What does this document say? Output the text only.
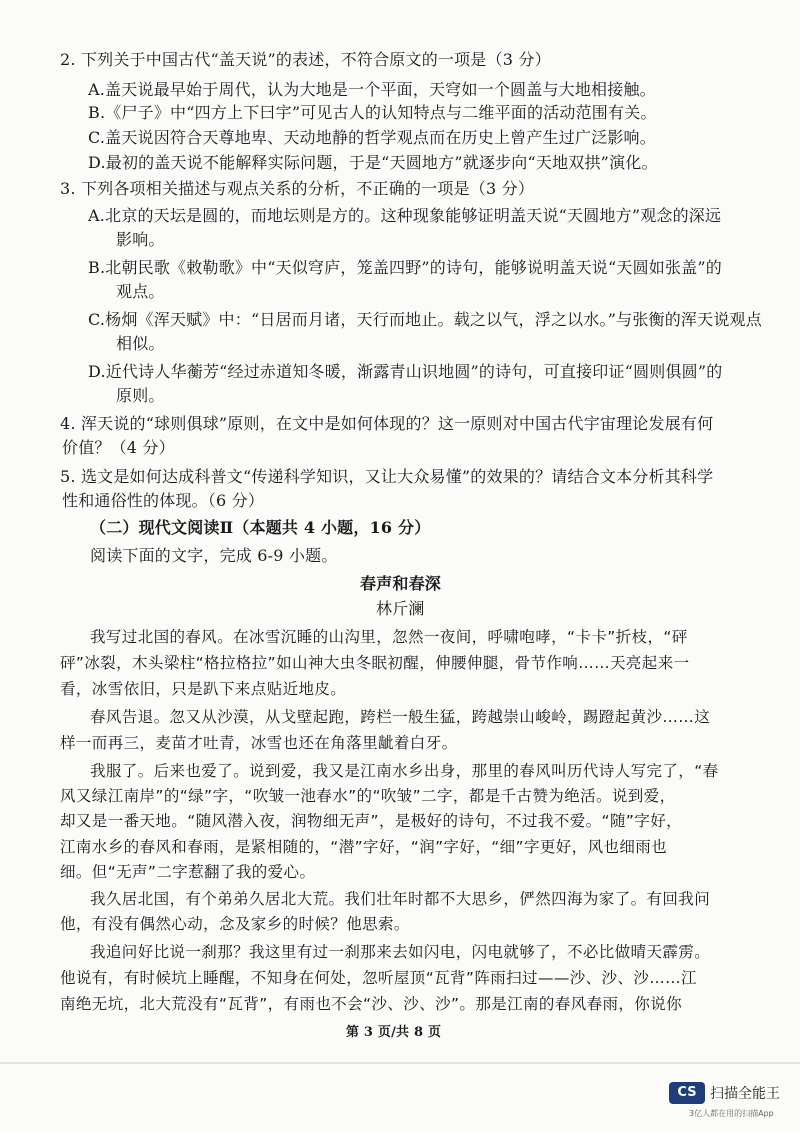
2. 下列关于中国古代“盖天说”的表述，不符合原文的一项是（3 分）
A.盖天说最早始于周代，认为大地是一个平面，天穹如一个圆盖与大地相接触。
B.《尸子》中“四方上下曰宇”可见古人的认知特点与二维平面的活动范围有关。
C.盖天说因符合天尊地卑、天动地静的哲学观点而在历史上曾产生过广泛影响。
D.最初的盖天说不能解释实际问题，于是“天圆地方”就逐步向“天地双拱”演化。
3. 下列各项相关描述与观点关系的分析，不正确的一项是（3 分）
A.北京的天坛是圆的，而地坛则是方的。这种现象能够证明盖天说“天圆地方”观念的深远
影响。
B.北朝民歌《敕勒歌》中“天似穹庐，笼盖四野”的诗句，能够说明盖天说“天圆如张盖”的
观点。
C.杨炯《浑天赋》中：“日居而月诸，天行而地止。载之以气，浮之以水。”与张衡的浑天说观点
相似。
D.近代诗人华蘅芳“经过赤道知冬暖，渐露青山识地圆”的诗句，可直接印证“圆则俱圆”的
原则。
4. 浑天说的“球则俱球”原则，在文中是如何体现的？这一原则对中国古代宇宙理论发展有何
价值？（4 分）
5. 选文是如何达成科普文“传递科学知识，又让大众易懂”的效果的？请结合文本分析其科学
性和通俗性的体现。（6 分）
（二）现代文阅读Ⅱ（本题共 4 小题，16 分）
阅读下面的文字，完成 6-9 小题。
春声和春深
林斤澜
我写过北国的春风。在冰雪沉睡的山沟里，忽然一夜间，呼啸咆哮，“卡卡”折枝，“砰
砰”冰裂，木头梁柱“格拉格拉”如山神大虫冬眠初醒，伸腰伸腿，骨节作响……天亮起来一
看，冰雪依旧，只是趴下来点贴近地皮。
春风告退。忽又从沙漠，从戈壁起跑，跨栏一般生猛，跨越崇山峻岭，踢蹬起黄沙……这
样一而再三，麦苗才吐青，冰雪也还在角落里龇着白牙。
我服了。后来也爱了。说到爱，我又是江南水乡出身，那里的春风叫历代诗人写完了，“春
风又绿江南岸”的“绿”字，“吹皱一池春水”的“吹皱”二字，都是千古赞为绝活。说到爱，
却又是一番天地。“随风潜入夜，润物细无声”，是极好的诗句，不过我不爱。“随”字好，
江南水乡的春风和春雨，是紧相随的，“潜”字好，“润”字好，“细”字更好，风也细雨也
细。但“无声”二字惹翻了我的爱心。
我久居北国，有个弟弟久居北大荒。我们壮年时都不大思乡，俨然四海为家了。有回我问
他，有没有偶然心动，念及家乡的时候？他思索。
我追问好比说一刹那？我这里有过一刹那来去如闪电，闪电就够了，不必比做晴天霹雳。
他说有，有时候坑上睡醒，不知身在何处，忽听屋顶“瓦背”阵雨扫过——沙、沙、沙……江
南绝无坑，北大荒没有“瓦背”，有雨也不会“沙、沙、沙”。那是江南的春风春雨，你说你
第 3 页/共 8 页
CS 扫描全能王
3亿人都在用的扫描App
